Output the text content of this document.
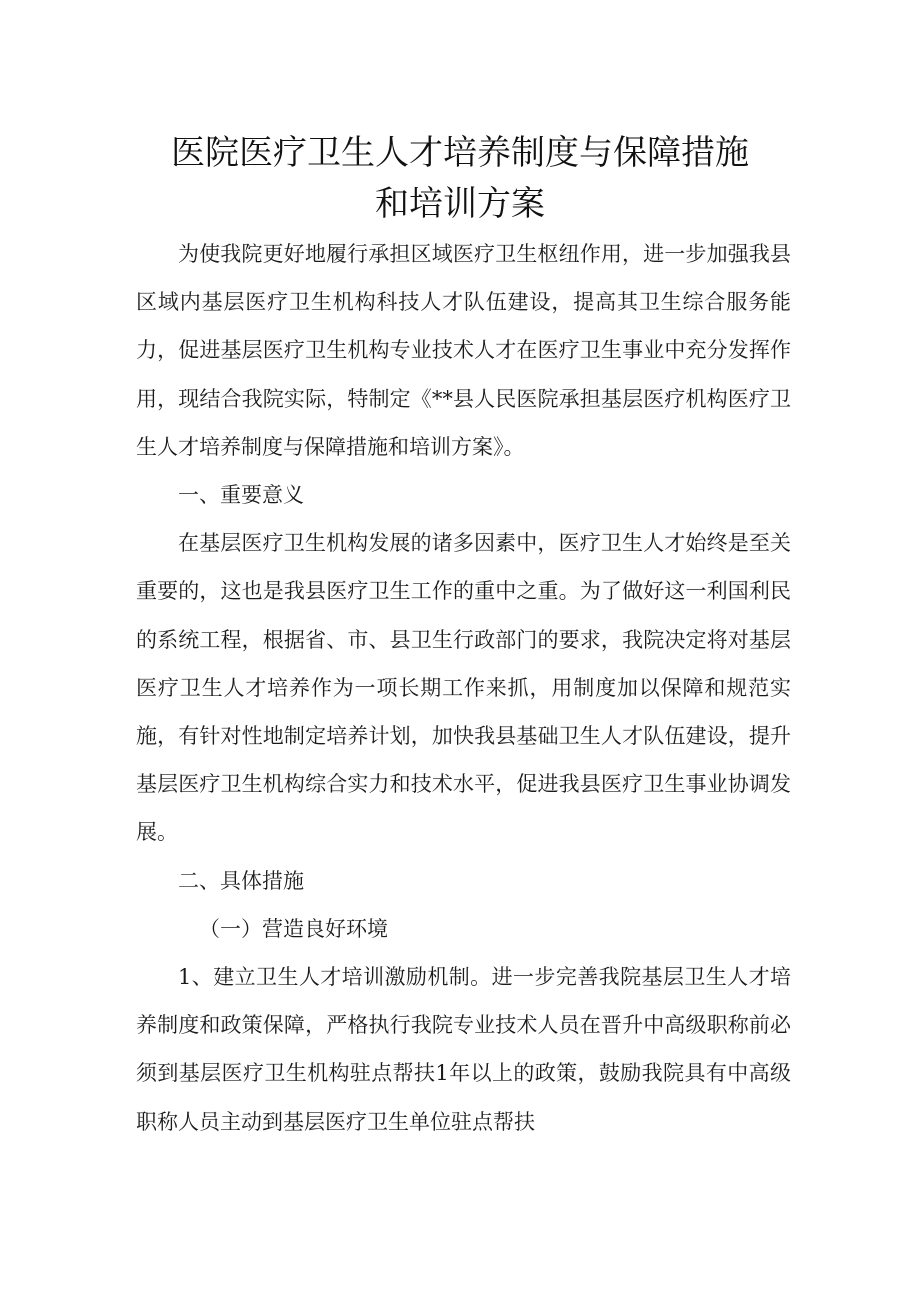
医院医疗卫生人才培养制度与保障措施
和培训方案

为使我院更好地履行承担区域医疗卫生枢纽作用，进一步加强我县区域内基层医疗卫生机构科技人才队伍建设，提高其卫生综合服务能力，促进基层医疗卫生机构专业技术人才在医疗卫生事业中充分发挥作用，现结合我院实际，特制定《**县人民医院承担基层医疗机构医疗卫生人才培养制度与保障措施和培训方案》。

一、重要意义

在基层医疗卫生机构发展的诸多因素中，医疗卫生人才始终是至关重要的，这也是我县医疗卫生工作的重中之重。为了做好这一利国利民的系统工程，根据省、市、县卫生行政部门的要求，我院决定将对基层医疗卫生人才培养作为一项长期工作来抓，用制度加以保障和规范实施，有针对性地制定培养计划，加快我县基础卫生人才队伍建设，提升基层医疗卫生机构综合实力和技术水平，促进我县医疗卫生事业协调发展。

二、具体措施

（一）营造良好环境

1、建立卫生人才培训激励机制。进一步完善我院基层卫生人才培养制度和政策保障，严格执行我院专业技术人员在晋升中高级职称前必须到基层医疗卫生机构驻点帮扶1年以上的政策，鼓励我院具有中高级职称人员主动到基层医疗卫生单位驻点帮扶
